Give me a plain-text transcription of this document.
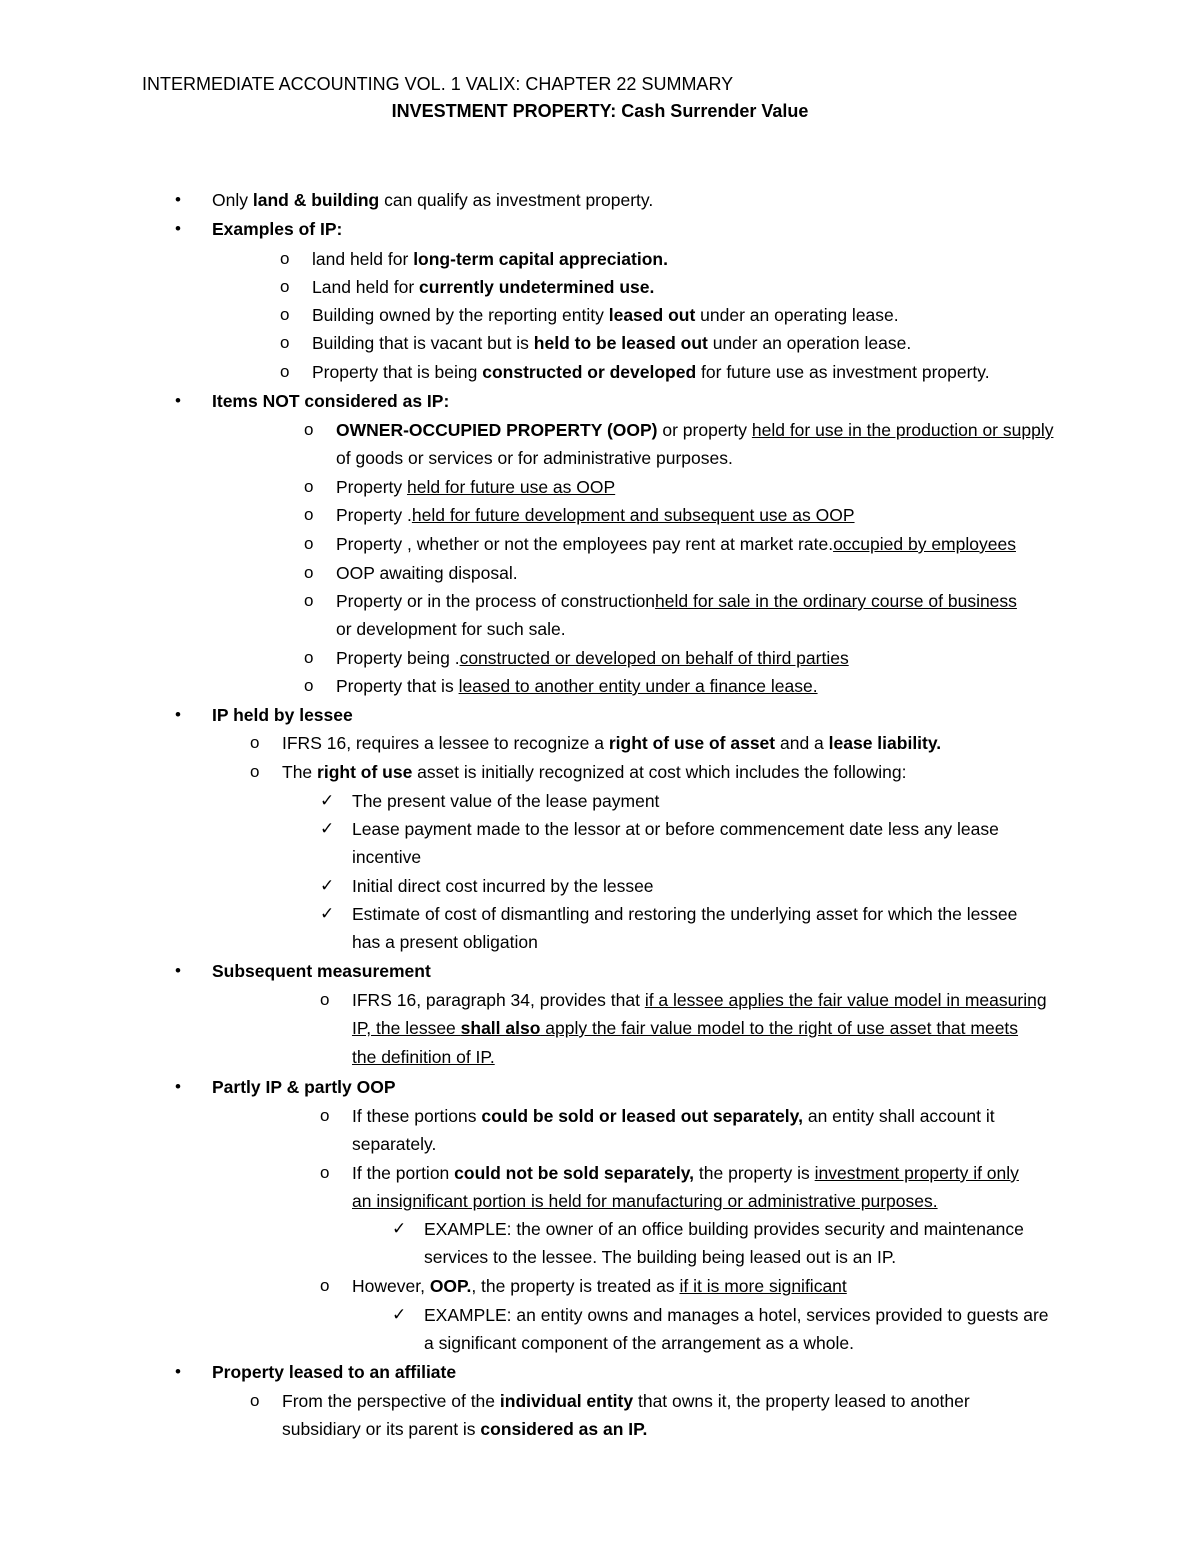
INTERMEDIATE ACCOUNTING VOL. 1 VALIX: CHAPTER 22 SUMMARY
INVESTMENT PROPERTY: Cash Surrender Value
• Only land & building can qualify as investment property.
• Examples of IP:
o land held for long-term capital appreciation.
o Land held for currently undetermined use.
o Building owned by the reporting entity leased out under an operating lease.
o Building that is vacant but is held to be leased out under an operation lease.
o Property that is being constructed or developed for future use as investment property.
• Items NOT considered as IP:
o OWNER-OCCUPIED PROPERTY (OOP) or property held for use in the production or supply
of goods or services or for administrative purposes.
o Property held for future use as OOP
o Property .held for future development and subsequent use as OOP
o Property , whether or not the employees pay rent at market rate.occupied by employees
o OOP awaiting disposal.
o Property or in the process of constructionheld for sale in the ordinary course of business
or development for such sale.
o Property being .constructed or developed on behalf of third parties
o Property that is leased to another entity under a finance lease.
• IP held by lessee
o IFRS 16, requires a lessee to recognize a right of use of asset and a lease liability.
o The right of use asset is initially recognized at cost which includes the following:
✓ The present value of the lease payment
✓ Lease payment made to the lessor at or before commencement date less any lease
incentive
✓ Initial direct cost incurred by the lessee
✓ Estimate of cost of dismantling and restoring the underlying asset for which the lessee
has a present obligation
• Subsequent measurement
o IFRS 16, paragraph 34, provides that if a lessee applies the fair value model in measuring
IP, the lessee shall also apply the fair value model to the right of use asset that meets
the definition of IP.
• Partly IP & partly OOP
o If these portions could be sold or leased out separately, an entity shall account it
separately.
o If the portion could not be sold separately, the property is investment property if only
an insignificant portion is held for manufacturing or administrative purposes.
✓ EXAMPLE: the owner of an office building provides security and maintenance
services to the lessee. The building being leased out is an IP.
o However, OOP., the property is treated as if it is more significant
✓ EXAMPLE: an entity owns and manages a hotel, services provided to guests are
a significant component of the arrangement as a whole.
• Property leased to an affiliate
o From the perspective of the individual entity that owns it, the property leased to another
subsidiary or its parent is considered as an IP.
